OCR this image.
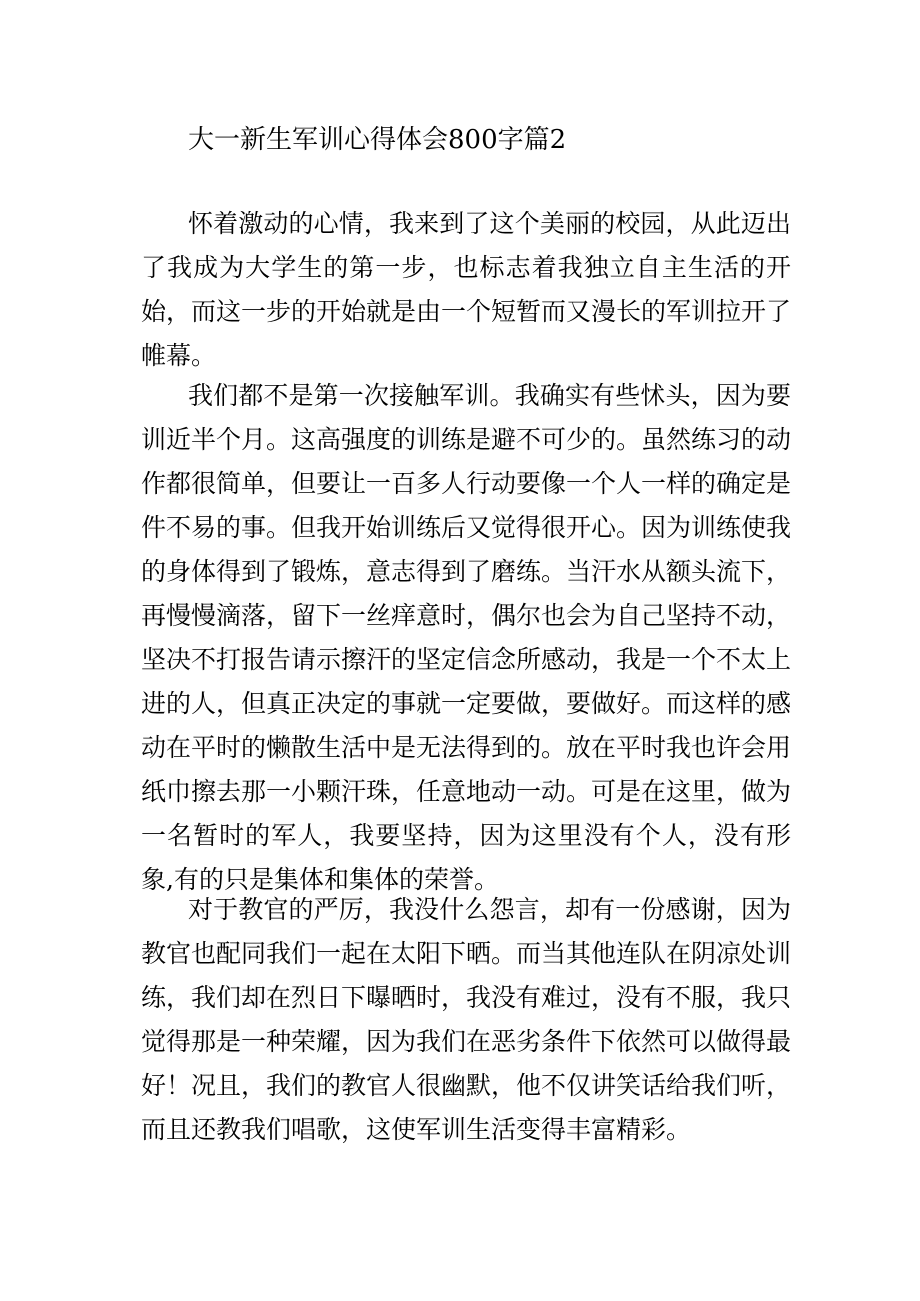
大一新生军训心得体会800字篇2

怀着激动的心情，我来到了这个美丽的校园，从此迈出了我成为大学生的第一步，也标志着我独立自主生活的开始，而这一步的开始就是由一个短暂而又漫长的军训拉开了帷幕。

我们都不是第一次接触军训。我确实有些怵头，因为要训近半个月。这高强度的训练是避不可少的。虽然练习的动作都很简单，但要让一百多人行动要像一个人一样的确定是件不易的事。但我开始训练后又觉得很开心。因为训练使我的身体得到了锻炼，意志得到了磨练。当汗水从额头流下，再慢慢滴落，留下一丝痒意时，偶尔也会为自己坚持不动，坚决不打报告请示擦汗的坚定信念所感动，我是一个不太上进的人，但真正决定的事就一定要做，要做好。而这样的感动在平时的懒散生活中是无法得到的。放在平时我也许会用纸巾擦去那一小颗汗珠，任意地动一动。可是在这里，做为一名暂时的军人，我要坚持，因为这里没有个人，没有形象,有的只是集体和集体的荣誉。

对于教官的严厉，我没什么怨言，却有一份感谢，因为教官也配同我们一起在太阳下晒。而当其他连队在阴凉处训练，我们却在烈日下曝晒时，我没有难过，没有不服，我只觉得那是一种荣耀，因为我们在恶劣条件下依然可以做得最好！况且，我们的教官人很幽默，他不仅讲笑话给我们听，而且还教我们唱歌，这使军训生活变得丰富精彩。
